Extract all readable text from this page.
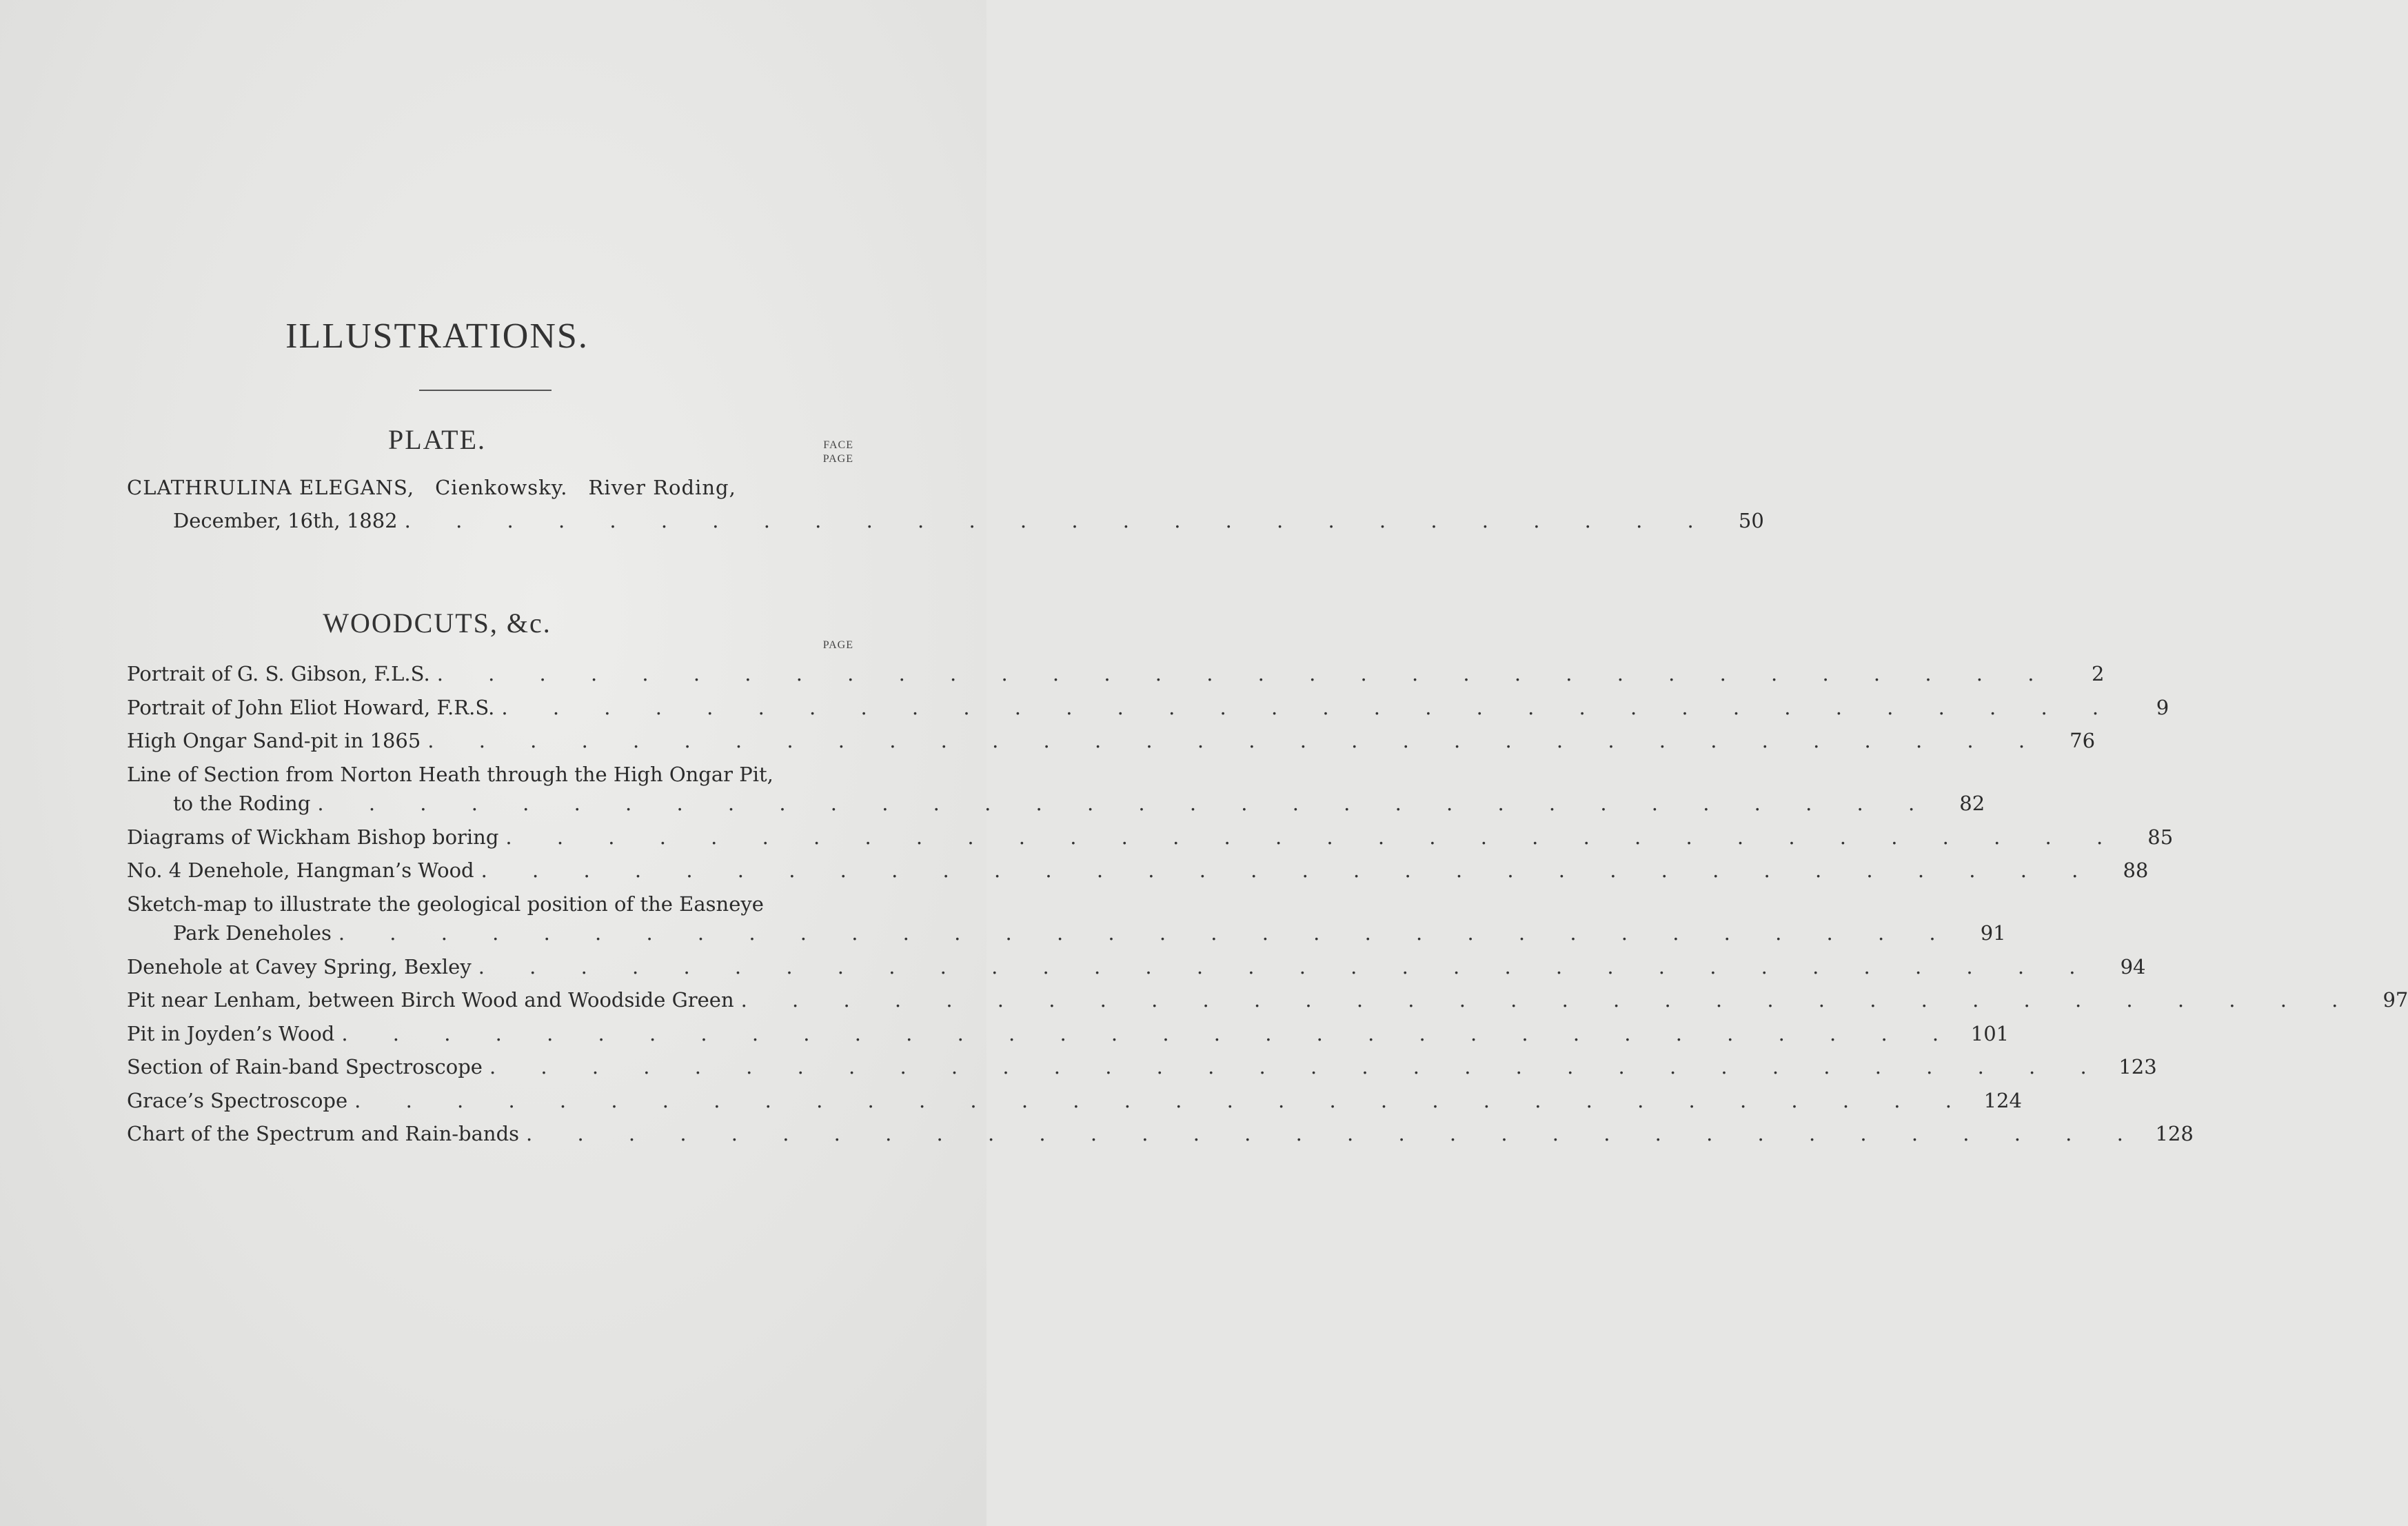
ILLUSTRATIONS.
PLATE.	FACE
PAGE
CLATHRULINA ELEGANS, Cienkowsky. River Roding,
December, 16th, 1882 . . . . . . . . . . . . . . . . . . . . . . . . . .	50
WOODCUTS, &c.
PAGE
Portrait of G. S. Gibson, F.L.S. . . . . . . . . . . . . . . . . . . . . . . . . . . . . . . . .	2
Portrait of John Eliot Howard, F.R.S. . . . . . . . . . . . . . . . . . . . . . . . . . . . . . . . .	9
High Ongar Sand-pit in 1865 . . . . . . . . . . . . . . . . . . . . . . . . . . . . . . . .	76
Line of Section from Norton Heath through the High Ongar Pit,
to the Roding . . . . . . . . . . . . . . . . . . . . . . . . . . . . . . . .	82
Diagrams of Wickham Bishop boring . . . . . . . . . . . . . . . . . . . . . . . . . . . . . . . .	85
No. 4 Denehole, Hangman’s Wood . . . . . . . . . . . . . . . . . . . . . . . . . . . . . . . .	88
Sketch-map to illustrate the geological position of the Easneye
Park Deneholes . . . . . . . . . . . . . . . . . . . . . . . . . . . . . . . .	91
Denehole at Cavey Spring, Bexley . . . . . . . . . . . . . . . . . . . . . . . . . . . . . . . .	94
Pit near Lenham, between Birch Wood and Woodside Green . . . . . . . . . . . . . . . . . . . . . . . . . . . . . . . .	97
Pit in Joyden’s Wood . . . . . . . . . . . . . . . . . . . . . . . . . . . . . . . . 101
Section of Rain-band Spectroscope . . . . . . . . . . . . . . . . . . . . . . . . . . . . . . . . 123
Grace’s Spectroscope . . . . . . . . . . . . . . . . . . . . . . . . . . . . . . . . 124
Chart of the Spectrum and Rain-bands . . . . . . . . . . . . . . . . . . . . . . . . . . . . . . . . 128
